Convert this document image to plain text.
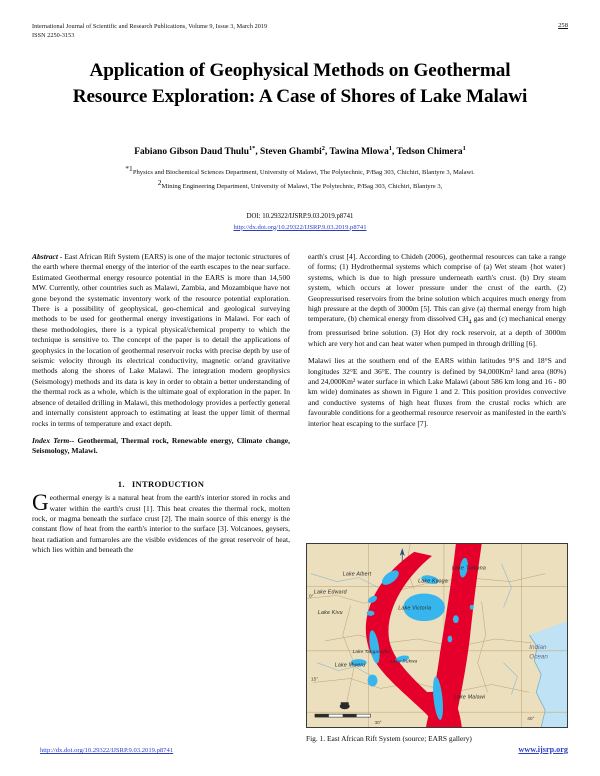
International Journal of Scientific and Research Publications, Volume 9, Issue 3, March 2019
ISSN 2250-3153
258
Application of Geophysical Methods on Geothermal Resource Exploration: A Case of Shores of Lake Malawi
Fabiano Gibson Daud Thulu$^{1*}$, Steven Ghambi$^2$, Tawina Mlowa$^1$, Tedson Chimera$^1$

*1Physics and Biochemical Sciences Department, University of Malawi, The Polytechnic, P/Bag 303, Chichiri, Blantyre 3, Malawi.

2Mining Engineering Department, University of Malawi, The Polytechnic, P/Bag 303, Chichiri, Blantyre 3,

DOI: 10.29322/IJSRP.9.03.2019.p8741
http://dx.doi.org/10.29322/IJSRP.9.03.2019.p8741

Abstract - East African Rift System (EARS) is one of the major tectonic structures of the earth where thermal energy of the interior of the earth escapes to the near surface. Estimated Geothermal energy resource potential in the EARS is more than 14,500 MW. Currently, other countries such as Malawi, Zambia, and Mozambique have not gone beyond the systematic inventory work of the resource potential exploration. There is a possibility of geophysical, geo-chemical and geological surveying methods to be used for geothermal energy investigations in Malawi. For each of these methodologies, there is a typical physical/chemical property to which the technique is sensitive to. The concept of the paper is to detail the applications of geophysics in the location of geothermal reservoir rocks with precise depth by use of seismic velocity through its electrical conductivity, magnetic or/and gravitative methods along the shores of Lake Malawi. The integration modern geophysics (Seismology) methods and its data is key in order to obtain a better understanding of the thermal rock as a whole, which is the ultimate goal of exploration in the paper. In absence of detailed drilling in Malawi, this methodology provides a perfectly general and internally consistent approach to estimating at least the upper limit of thermal rocks in terms of temperature and exact depth.

Index Term-- Geothermal, Thermal rock, Renewable energy, Climate change, Seismology, Malawi.

1. INTRODUCTION

Geothermal energy is a natural heat from the earth's interior stored in rocks and water within the earth's crust [1]. This heat creates the thermal rock, molten rock, or magma beneath the surface crust [2]. The main source of this energy is the constant flow of heat from the earth's interior to the surface [3]. Volcanoes, geysers, heat radiation and fumaroles are the visible evidences of the great reservoir of heat, which lies within and beneath the

earth's crust [4]. According to Chideh (2006), geothermal resources can take a range of forms; (1) Hydrothermal systems which comprise of (a) Wet steam {hot water} systems, which is due to high pressure underneath earth's crust. (b) Dry steam system, which occurs at lower pressure under the crust of the earth. (2) Geopressurised reservoirs from the brine solution which acquires much energy from high pressure at the depth of 3000m [5]. This can give (a) thermal energy from high temperature, (b) chemical energy from dissolved $CH_4$ gas and (c) mechanical energy from pressurised brine solution. (3) Hot dry rock reservoir, at a depth of 3000m which are very hot and can heat water when pumped in through drilling [6].

Malawi lies at the southern end of the EARS within latitudes 9°S and 18°S and longitudes 32°E and 36°E. The country is defined by 94,000Km² land area (80%) and 24,000Km² water surface in which Lake Malawi (about 586 km long and 16 - 80 km wide) dominates as shown in Figure 1 and 2. This position provides convective and conductive systems of high heat fluxes from the crustal rocks which are favourable conditions for a geothermal resource reservoir as manifested in the earth's interior heat escaping to the surface [7].

Lake Albert
Lake Edward
Lake Kivu
Lake Tanganyika
Lake Kyoga
Lake Victoria
Lake Turkana
Lake Mweru
Lake Rukwa
Lake Malawi
Indian
Ocean
15°
0°
30°
40°
Fig. 1. East African Rift System (source; EARS gallery)
http://dx.doi.org/10.29322/IJSRP.9.03.2019.p8741	www.ijsrp.org
